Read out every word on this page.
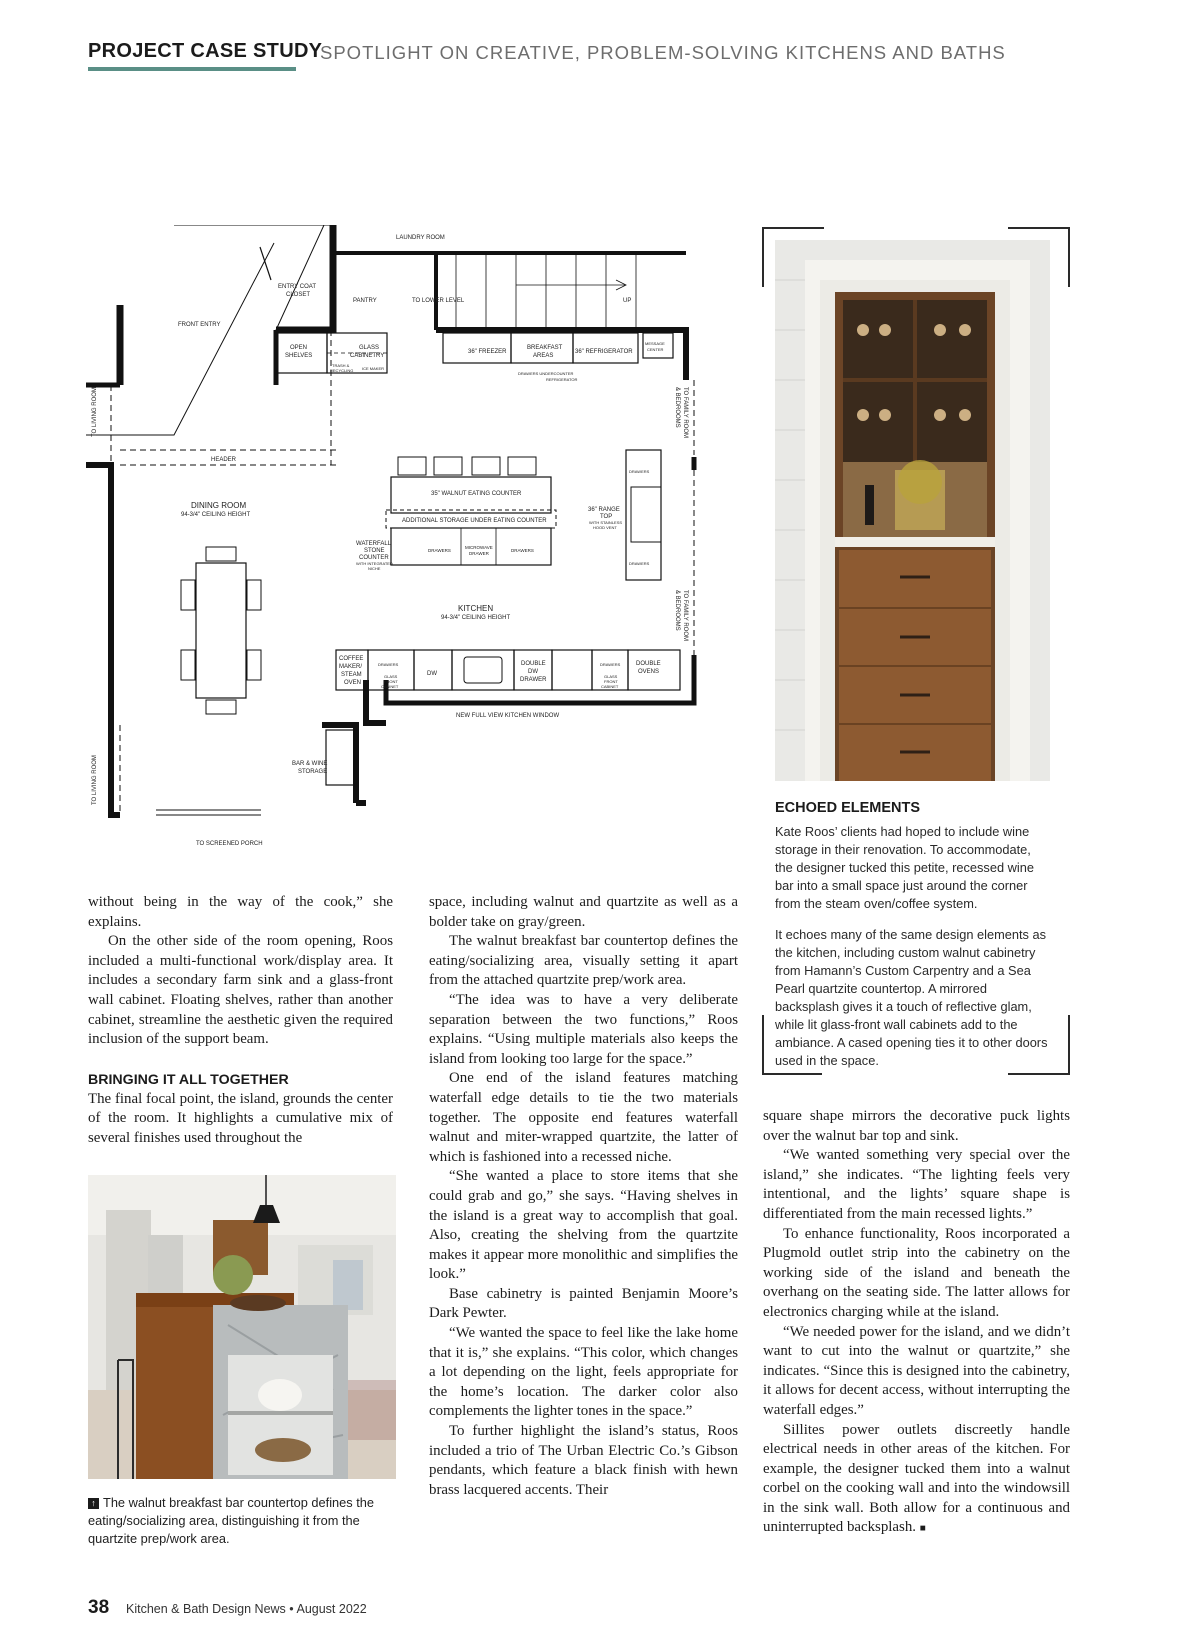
PROJECT CASE STUDY
SPOTLIGHT ON CREATIVE, PROBLEM-SOLVING KITCHENS AND BATHS
LAUNDRY ROOM
ENTRY COAT
CLOSET
PANTRY	TO LOWER LEVEL	UP
FRONT ENTRY
OPEN
SHELVES
GLASS
CABINETRY
TRASH &
RECYCLING ICE MAKER
36" FREEZER
BREAKFAST
AREAS
36" REFRIGERATOR
MESSAGE
CENTER
DRAWERS UNDERCOUNTER
REFRIGERATOR
TO LIVING ROOM	TO FAMILY ROOM
& BEDROOMS
HEADER
DINING ROOM
94-3/4" CEILING HEIGHT
35" WALNUT EATING COUNTER
ADDITIONAL STORAGE UNDER EATING COUNTER
36" RANGE
TOP
WITH STAINLESS
HOOD VENT
DRAWERS
DRAWERS
WATERFALL
STONE
COUNTER
WITH INTEGRATED
NICHE
DRAWERS
MICROWAVE
DRAWER
DRAWERS
KITCHEN
94-3/4" CEILING HEIGHT	TO FAMILY ROOM
& BEDROOMS
COFFEE
MAKER/
STEAM
OVEN
DRAWERS
GLASS
FRONT
CABINET
DW
DOUBLE
DW
DRAWER
DRAWERS
GLASS
FRONT
CABINET
DOUBLE
OVENS
NEW FULL VIEW KITCHEN WINDOW
TO LIVING ROOM	BAR & WINE
STORAGE
TO SCREENED PORCH
ECHOED ELEMENTS

Kate Roos’ clients had hoped to include wine storage in their renovation. To accommodate, the designer tucked this petite, recessed wine bar into a small space just around the corner from the steam oven/coffee system.

It echoes many of the same design elements as the kitchen, including custom walnut cabinetry from Hamann’s Custom Carpentry and a Sea Pearl quartzite countertop. A mirrored backsplash gives it a touch of reflective glam, while lit glass-front wall cabinets add to the ambiance. A cased opening ties it to other doors used in the space.

without being in the way of the cook,” she explains.

On the other side of the room opening, Roos included a multi-functional work/display area. It includes a secondary farm sink and a glass-front wall cabinet. Floating shelves, rather than another cabinet, streamline the aesthetic given the required inclusion of the support beam.

BRINGING IT ALL TOGETHER

The final focal point, the island, grounds the center of the room. It highlights a cumulative mix of several finishes used throughout the

↑ The walnut breakfast bar countertop defines the eating/socializing area, distinguishing it from the quartzite prep/work area.

space, including walnut and quartzite as well as a bolder take on gray/green.

The walnut breakfast bar countertop defines the eating/socializing area, visually setting it apart from the attached quartzite prep/work area.

“The idea was to have a very deliberate separation between the two functions,” Roos explains. “Using multiple materials also keeps the island from looking too large for the space.”

One end of the island features matching waterfall edge details to tie the two materials together. The opposite end features waterfall walnut and miter-wrapped quartzite, the latter of which is fashioned into a recessed niche.

“She wanted a place to store items that she could grab and go,” she says. “Having shelves in the island is a great way to accomplish that goal. Also, creating the shelving from the quartzite makes it appear more monolithic and simplifies the look.”

Base cabinetry is painted Benjamin Moore’s Dark Pewter.

“We wanted the space to feel like the lake home that it is,” she explains. “This color, which changes a lot depending on the light, feels appropriate for the home’s location. The darker color also complements the lighter tones in the space.”

To further highlight the island’s status, Roos included a trio of The Urban Electric Co.’s Gibson pendants, which feature a black finish with hewn brass lacquered accents. Their

square shape mirrors the decorative puck lights over the walnut bar top and sink.

“We wanted something very special over the island,” she indicates. “The lighting feels very intentional, and the lights’ square shape is differentiated from the main recessed lights.”

To enhance functionality, Roos incorporated a Plugmold outlet strip into the cabinetry on the working side of the island and beneath the overhang on the seating side. The latter allows for electronics charging while at the island.

“We needed power for the island, and we didn’t want to cut into the walnut or quartzite,” she indicates. “Since this is designed into the cabinetry, it allows for decent access, without interrupting the waterfall edges.”

Sillites power outlets discreetly handle electrical needs in other areas of the kitchen. For example, the designer tucked them into a walnut corbel on the cooking wall and into the windowsill in the sink wall. Both allow for a continuous and uninterrupted backsplash. ■

38 Kitchen & Bath Design News • August 2022
